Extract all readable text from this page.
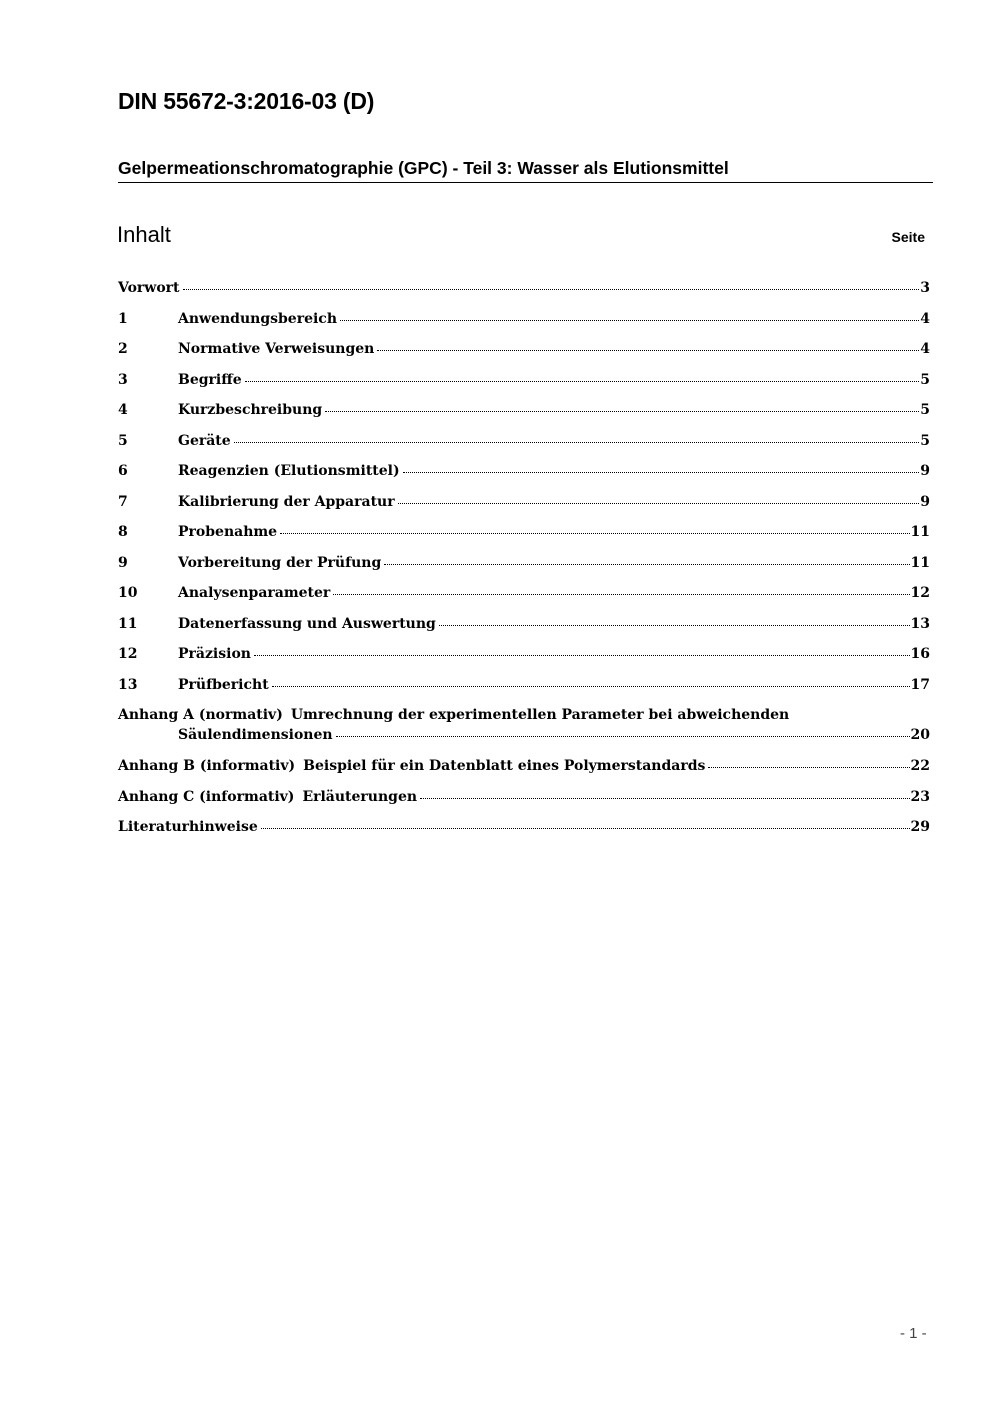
DIN 55672-3:2016-03 (D)
Gelpermeationschromatographie (GPC) - Teil 3: Wasser als Elutionsmittel
Inhalt	Seite
Vorwort	3
1	Anwendungsbereich	4
2	Normative Verweisungen	4
3	Begriffe	5
4	Kurzbeschreibung	5
5	Geräte	5
6	Reagenzien (Elutionsmittel)	9
7	Kalibrierung der Apparatur	9
8	Probenahme	11
9	Vorbereitung der Prüfung	11
10	Analysenparameter	12
11	Datenerfassung und Auswertung	13
12	Präzision	16
13	Prüfbericht	17
Anhang A (normativ) Umrechnung der experimentellen Parameter bei abweichenden
Säulendimensionen	20
Anhang B (informativ) Beispiel für ein Datenblatt eines Polymerstandards	22
Anhang C (informativ) Erläuterungen	23
Literaturhinweise	29
- 1 -
